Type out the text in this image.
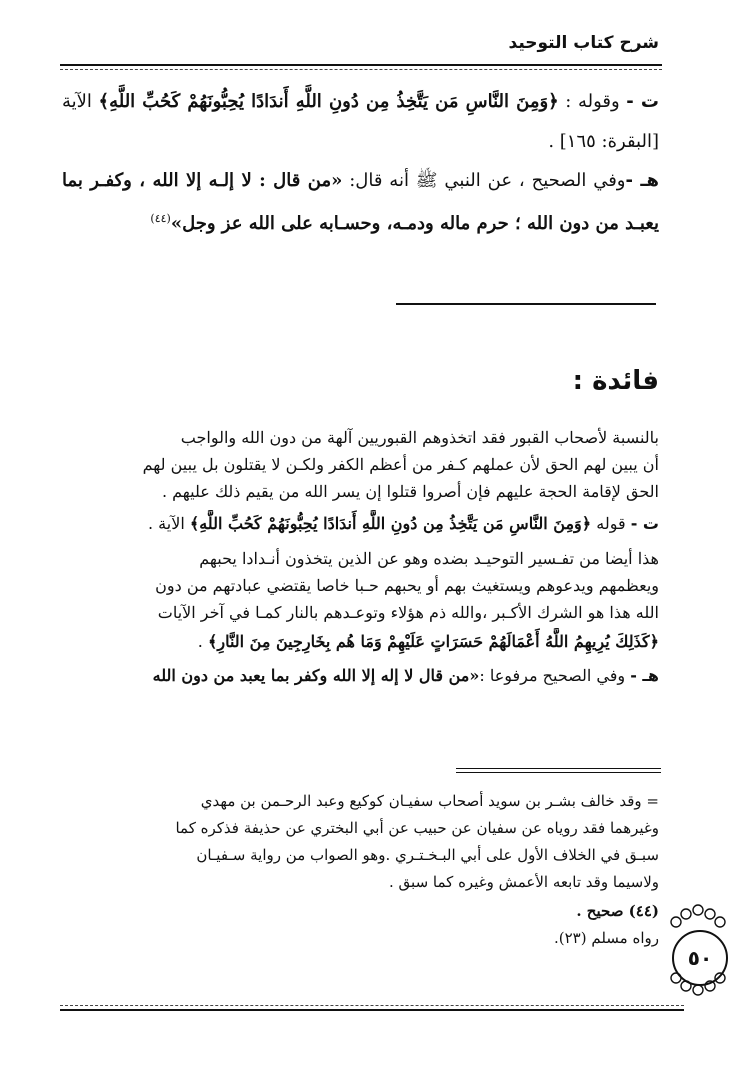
شرح كتاب التوحيد
ت - وقوله : ﴿وَمِنَ النَّاسِ مَن يَتَّخِذُ مِن دُونِ اللَّهِ أَندَادًا يُحِبُّونَهُمْ كَحُبِّ اللَّهِ﴾ الآية [البقرة: ١٦٥] .
هـ -وفي الصحيح ، عن النبي ﷺ أنه قال: «من قال : لا إلـه إلا الله ، وكفـر بما يعبـد من دون الله ؛ حرم ماله ودمـه، وحسـابه على الله عز وجل»$^{(٤٤)}$
فائدة :
بالنسبة لأصحاب القبور فقد اتخذوهم القبوريين آلهة من دون الله والواجب
أن يبين لهم الحق لأن عملهم كـفر من أعظم الكفر ولكـن لا يقتلون بل يبين لهم
الحق لإقامة الحجة عليهم فإن أصروا قتلوا إن يسر الله من يقيم ذلك عليهم .
ت - قوله ﴿وَمِنَ النَّاسِ مَن يَتَّخِذُ مِن دُونِ اللَّهِ أَندَادًا يُحِبُّونَهُمْ كَحُبِّ اللَّهِ﴾ الآية .
هذا أيضا من تفـسير التوحيـد بضده وهو عن الذين يتخذون أنـدادا يحبهم
ويعظمهم ويدعوهم ويستغيث بهم أو يحبهم حـبا خاصا يقتضي عبادتهم من دون
الله هذا هو الشرك الأكـبر ،والله ذم هؤلاء وتوعـدهم بالنار كمـا في آخر الآيات
﴿كَذَلِكَ يُرِيهِمُ اللَّهُ أَعْمَالَهُمْ حَسَرَاتٍ عَلَيْهِمْ وَمَا هُم بِخَارِجِينَ مِنَ النَّارِ﴾ .
هـ - وفي الصحيح مرفوعا :«من قال لا إله إلا الله وكفر بما يعبد من دون الله
= وقد خالف بشـر بن سويد أصحاب سفيـان كوكيع وعبد الرحـمن بن مهدي
وغيرهما فقد روياه عن سفيان عن حبيب عن أبي البختري عن حذيفة فذكره كما
سبـق في الخلاف الأول على أبي البـخـتـري .وهو الصواب من رواية سـفيـان
ولاسيما وقد تابعه الأعمش وغيره كما سبق .
(٤٤) صحيح .
رواه مسلم (٢٣).
٥٠
